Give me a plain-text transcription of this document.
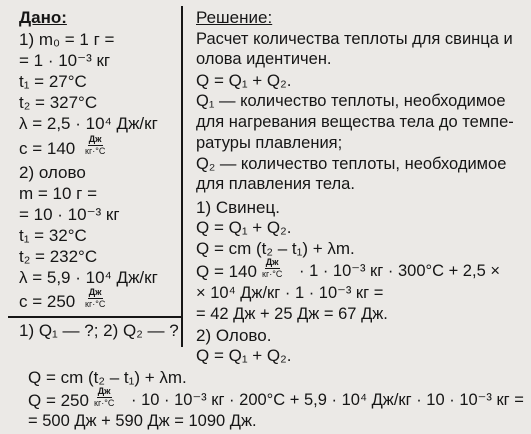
Дано:
1) m₀ = 1 г =
= 1 · 10⁻³ кг
t₁ = 27°C
t₂ = 327°C
λ = 2,5 · 10⁴ Дж/кг
c = 140 Дж
кг·°C
2) олово
m = 10 г =
= 10 · 10⁻³ кг
t₁ = 32°C
t₂ = 232°C
λ = 5,9 · 10⁴ Дж/кг
c = 250 Дж
кг·°C
1) Q₁ — ?; 2) Q₂ — ?
Решение:
Расчет количества теплоты для свинца и
олова идентичен.
Q = Q₁ + Q₂.
Q₁ — количество теплоты, необходимое
для нагревания вещества тела до темпе-
ратуры плавления;
Q₂ — количество теплоты, необходимое
для плавления тела.
1) Свинец.
Q = Q₁ + Q₂.
Q = cm (t₂ – t₁) + λm.
Q = 140 Дж
кг·°C · 1 · 10⁻³ кг · 300°C + 2,5 ×
× 10⁴ Дж/кг · 1 · 10⁻³ кг =
= 42 Дж + 25 Дж = 67 Дж.
2) Олово.
Q = Q₁ + Q₂.
Q = cm (t₂ – t₁) + λm.
Q = 250 Дж
кг·°C · 10 · 10⁻³ кг · 200°C + 5,9 · 10⁴ Дж/кг · 10 · 10⁻³ кг =
= 500 Дж + 590 Дж = 1090 Дж.
